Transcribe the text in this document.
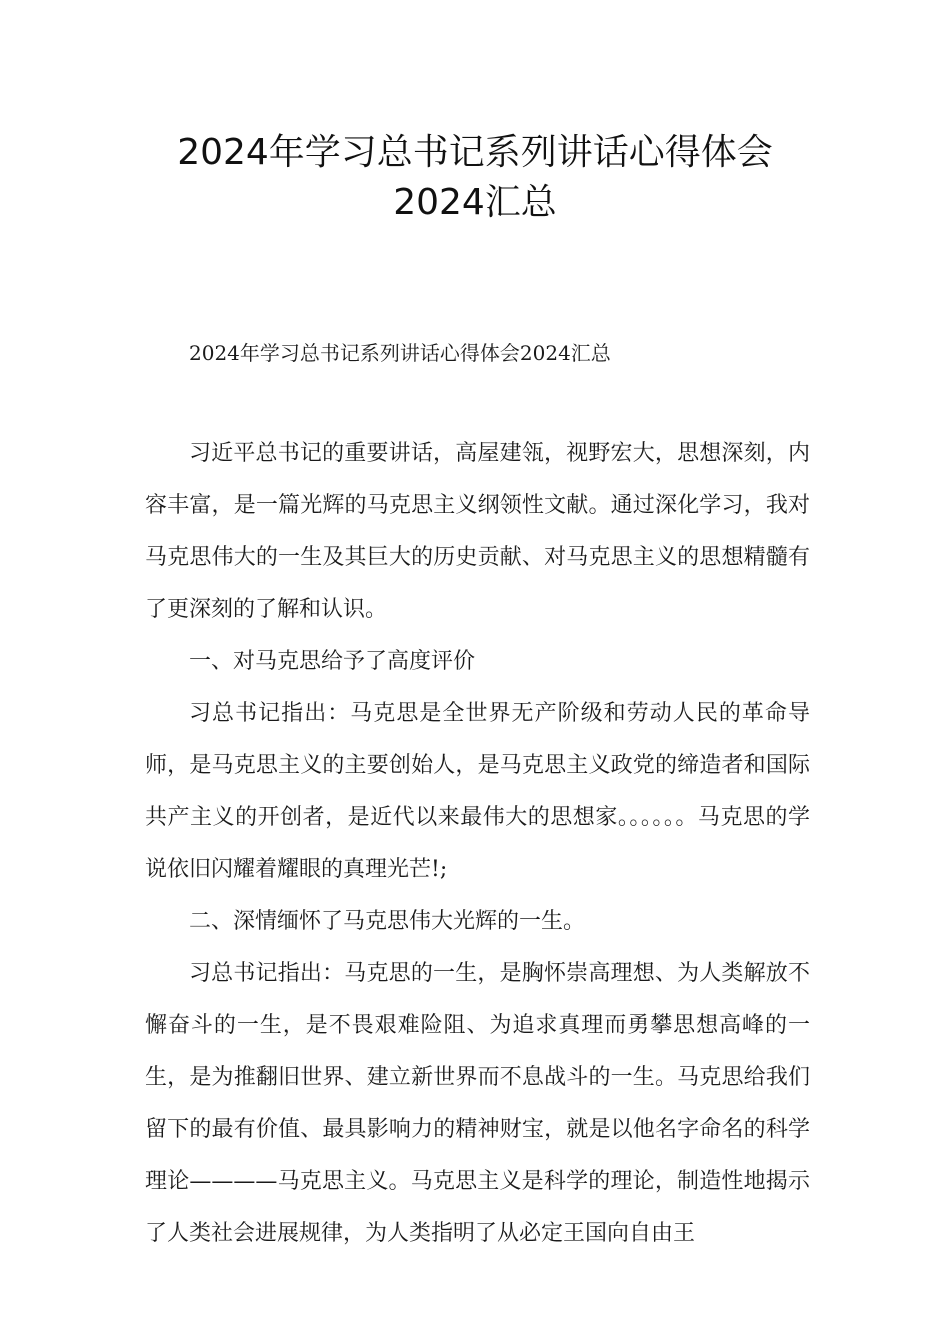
2024年学习总书记系列讲话心得体会
2024汇总
2024年学习总书记系列讲话心得体会2024汇总

习近平总书记的重要讲话，高屋建瓴，视野宏大，思想深刻，内容丰富，是一篇光辉的马克思主义纲领性文献。通过深化学习，我对马克思伟大的一生及其巨大的历史贡献、对马克思主义的思想精髓有了更深刻的了解和认识。

一、对马克思给予了高度评价

习总书记指出：马克思是全世界无产阶级和劳动人民的革命导师，是马克思主义的主要创始人，是马克思主义政党的缔造者和国际共产主义的开创者，是近代以来最伟大的思想家。。。。。。马克思的学说依旧闪耀着耀眼的真理光芒!;

二、深情缅怀了马克思伟大光辉的一生。

习总书记指出：马克思的一生，是胸怀崇高理想、为人类解放不懈奋斗的一生，是不畏艰难险阻、为追求真理而勇攀思想高峰的一生，是为推翻旧世界、建立新世界而不息战斗的一生。马克思给我们留下的最有价值、最具影响力的精神财宝，就是以他名字命名的科学理论————马克思主义。马克思主义是科学的理论，制造性地揭示了人类社会进展规律，为人类指明了从必定王国向自由王
